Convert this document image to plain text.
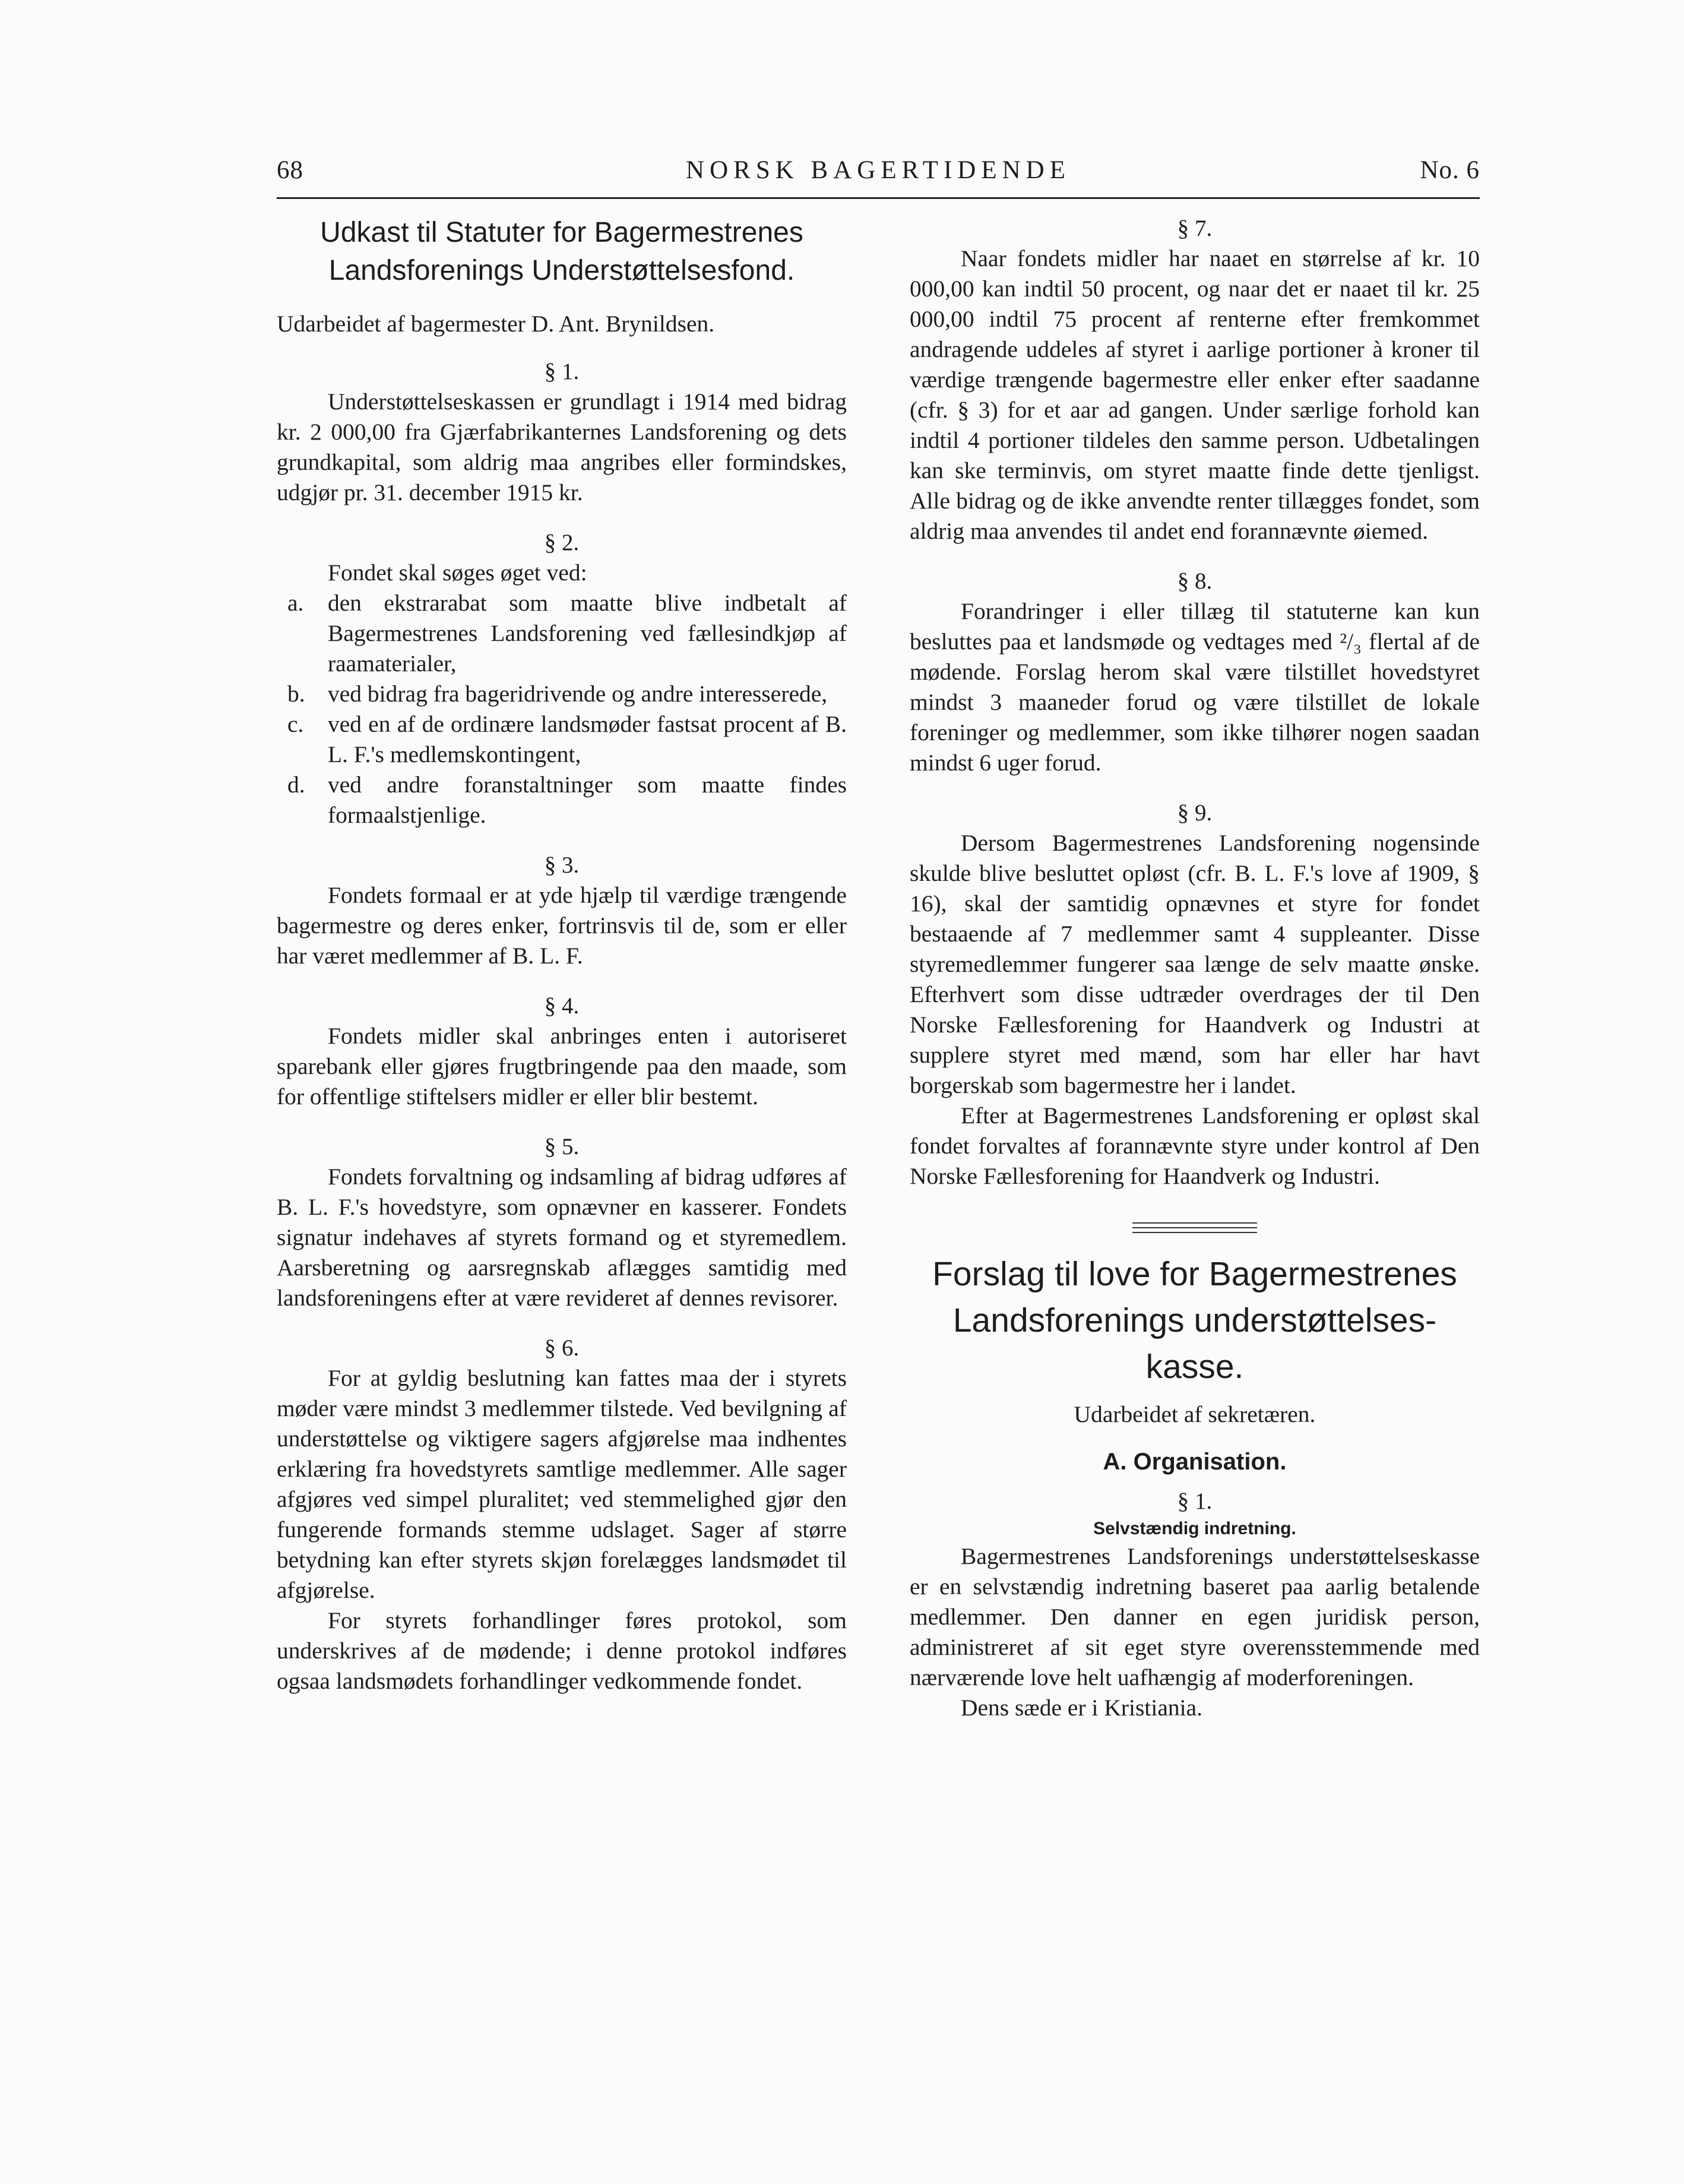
68	NORSK BAGERTIDENDE	No. 6

Udkast til Statuter for Bagermestrenes

Landsforenings Understøttelsesfond.

Udarbeidet af bagermester D. Ant. Brynildsen.

§ 1.

Understøttelseskassen er grundlagt i 1914 med bidrag kr. 2 000,00 fra Gjærfabrikanternes Landsforening og dets grundkapital, som aldrig maa angribes eller formindskes, udgjør pr. 31. december 1915 kr.

§ 2.

Fondet skal søges øget ved:

a. den ekstrarabat som maatte blive indbetalt af Bagermestrenes Landsforening ved fællesindkjøp af raamaterialer,

b. ved bidrag fra bageridrivende og andre interesserede,

c. ved en af de ordinære landsmøder fastsat procent af B. L. F.'s medlemskontingent,

d. ved andre foranstaltninger som maatte findes formaalstjenlige.

§ 3.

Fondets formaal er at yde hjælp til værdige trængende bagermestre og deres enker, fortrinsvis til de, som er eller har været medlemmer af B. L. F.

§ 4.

Fondets midler skal anbringes enten i autoriseret sparebank eller gjøres frugtbringende paa den maade, som for offentlige stiftelsers midler er eller blir bestemt.

§ 5.

Fondets forvaltning og indsamling af bidrag udføres af B. L. F.'s hovedstyre, som opnævner en kasserer. Fondets signatur indehaves af styrets formand og et styremedlem. Aarsberetning og aarsregnskab aflægges samtidig med landsforeningens efter at være revideret af dennes revisorer.

§ 6.

For at gyldig beslutning kan fattes maa der i styrets møder være mindst 3 medlemmer tilstede. Ved bevilgning af understøttelse og viktigere sagers afgjørelse maa indhentes erklæring fra hovedstyrets samtlige medlemmer. Alle sager afgjøres ved simpel pluralitet; ved stemmelighed gjør den fungerende formands stemme udslaget. Sager af større betydning kan efter styrets skjøn forelægges landsmødet til afgjørelse.

For styrets forhandlinger føres protokol, som underskrives af de mødende; i denne protokol indføres ogsaa landsmødets forhandlinger vedkommende fondet.

§ 7.

Naar fondets midler har naaet en størrelse af kr. 10 000,00 kan indtil 50 procent, og naar det er naaet til kr. 25 000,00 indtil 75 procent af renterne efter fremkommet andragende uddeles af styret i aarlige portioner à kroner til værdige trængende bagermestre eller enker efter saadanne (cfr. § 3) for et aar ad gangen. Under særlige forhold kan indtil 4 portioner tildeles den samme person. Udbetalingen kan ske terminvis, om styret maatte finde dette tjenligst. Alle bidrag og de ikke anvendte renter tillægges fondet, som aldrig maa anvendes til andet end forannævnte øiemed.

§ 8.

Forandringer i eller tillæg til statuterne kan kun besluttes paa et landsmøde og vedtages med ²/₃ flertal af de mødende. Forslag herom skal være tilstillet hovedstyret mindst 3 maaneder forud og være tilstillet de lokale foreninger og medlemmer, som ikke tilhører nogen saadan mindst 6 uger forud.

§ 9.

Dersom Bagermestrenes Landsforening nogensinde skulde blive besluttet opløst (cfr. B. L. F.'s love af 1909, § 16), skal der samtidig opnævnes et styre for fondet bestaaende af 7 medlemmer samt 4 suppleanter. Disse styremedlemmer fungerer saa længe de selv maatte ønske. Efterhvert som disse udtræder overdrages der til Den Norske Fællesforening for Haandverk og Industri at supplere styret med mænd, som har eller har havt borgerskab som bagermestre her i landet.

Efter at Bagermestrenes Landsforening er opløst skal fondet forvaltes af forannævnte styre under kontrol af Den Norske Fællesforening for Haandverk og Industri.

Forslag til love for Bagermestrenes

Landsforenings understøttelses-

kasse.

Udarbeidet af sekretæren.

A. Organisation.

§ 1.

Selvstændig indretning.

Bagermestrenes Landsforenings understøttelseskasse er en selvstændig indretning baseret paa aarlig betalende medlemmer. Den danner en egen juridisk person, administreret af sit eget styre overensstemmende med nærværende love helt uafhængig af moderforeningen.

Dens sæde er i Kristiania.
